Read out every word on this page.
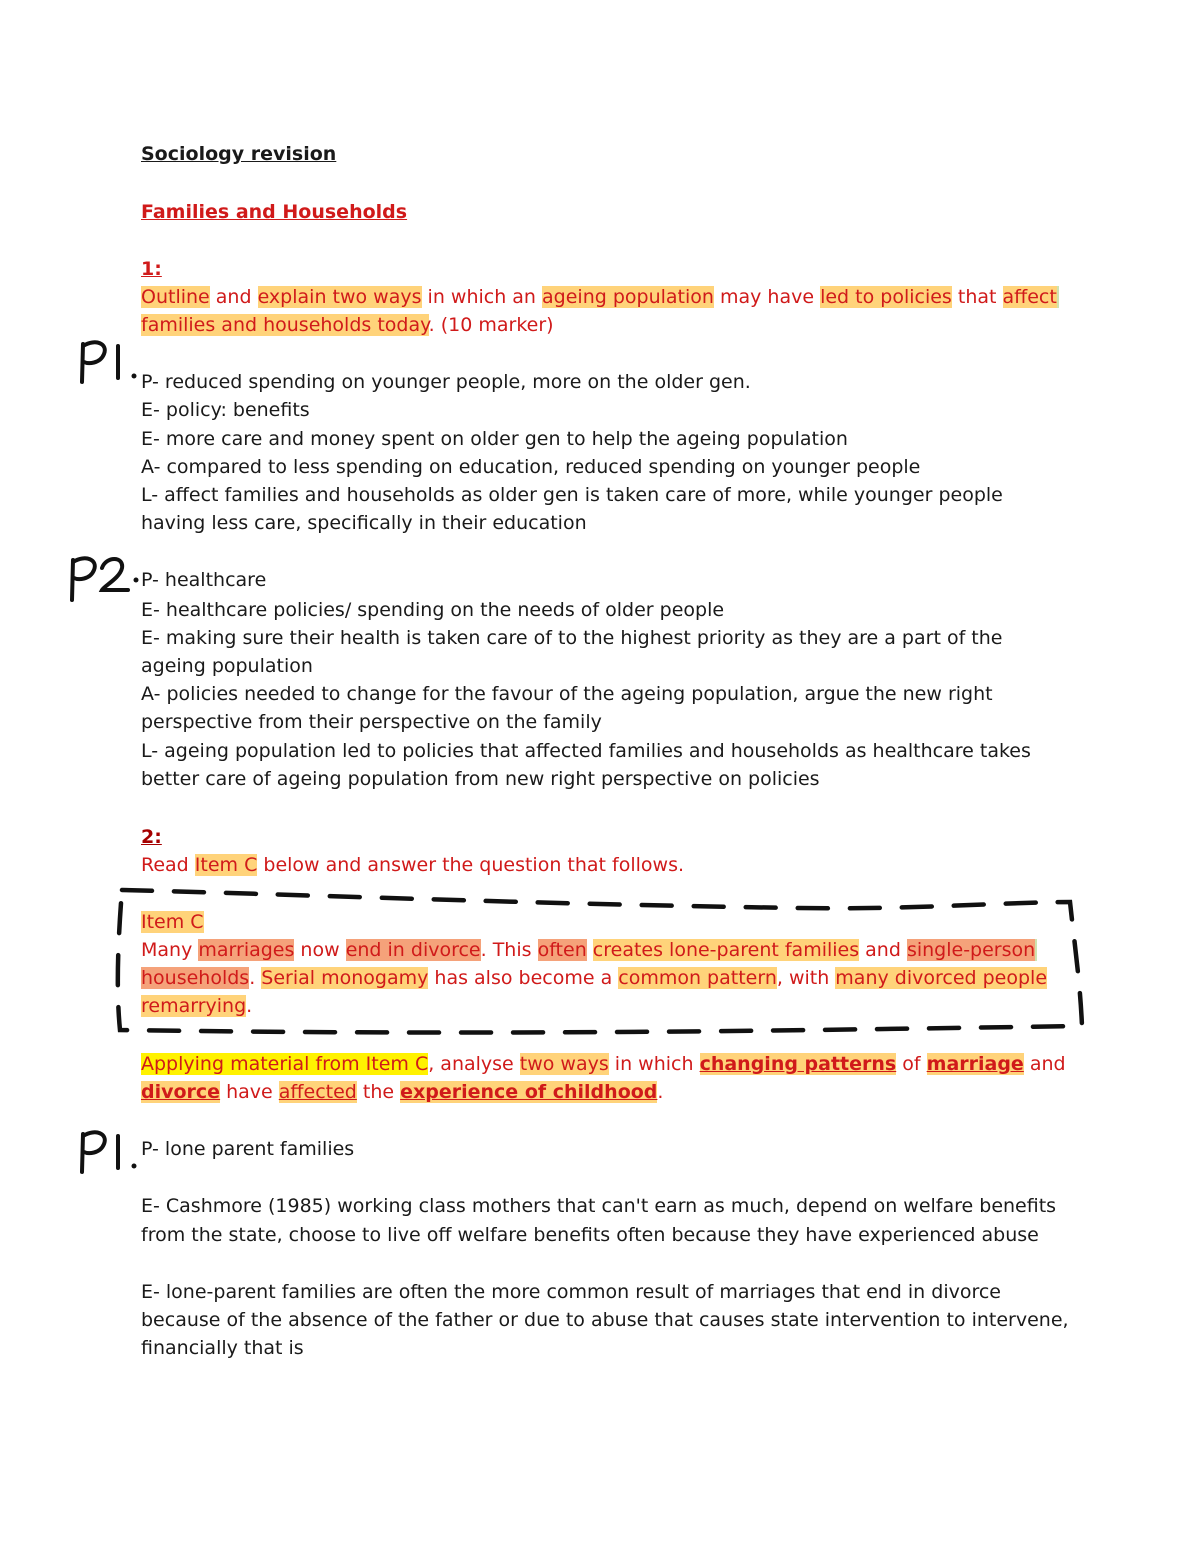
Sociology revision
Families and Households
1:
Outline and explain two ways in which an ageing population may have led to policies that affect
families and households today. (10 marker)
P- reduced spending on younger people, more on the older gen.
E- policy: benefits
E- more care and money spent on older gen to help the ageing population
A- compared to less spending on education, reduced spending on younger people
L- affect families and households as older gen is taken care of more, while younger people
having less care, specifically in their education
P- healthcare
E- healthcare policies/ spending on the needs of older people
E- making sure their health is taken care of to the highest priority as they are a part of the
ageing population
A- policies needed to change for the favour of the ageing population, argue the new right
perspective from their perspective on the family
L- ageing population led to policies that affected families and households as healthcare takes
better care of ageing population from new right perspective on policies
2:
Read Item C below and answer the question that follows.
Item C
Many marriages now end in divorce. This often creates lone-parent families and single-person
households. Serial monogamy has also become a common pattern, with many divorced people
remarrying.
Applying material from Item C, analyse two ways in which changing patterns of marriage and
divorce have affected the experience of childhood.
P- lone parent families
E- Cashmore (1985) working class mothers that can't earn as much, depend on welfare benefits
from the state, choose to live off welfare benefits often because they have experienced abuse
E- lone-parent families are often the more common result of marriages that end in divorce
because of the absence of the father or due to abuse that causes state intervention to intervene,
financially that is
